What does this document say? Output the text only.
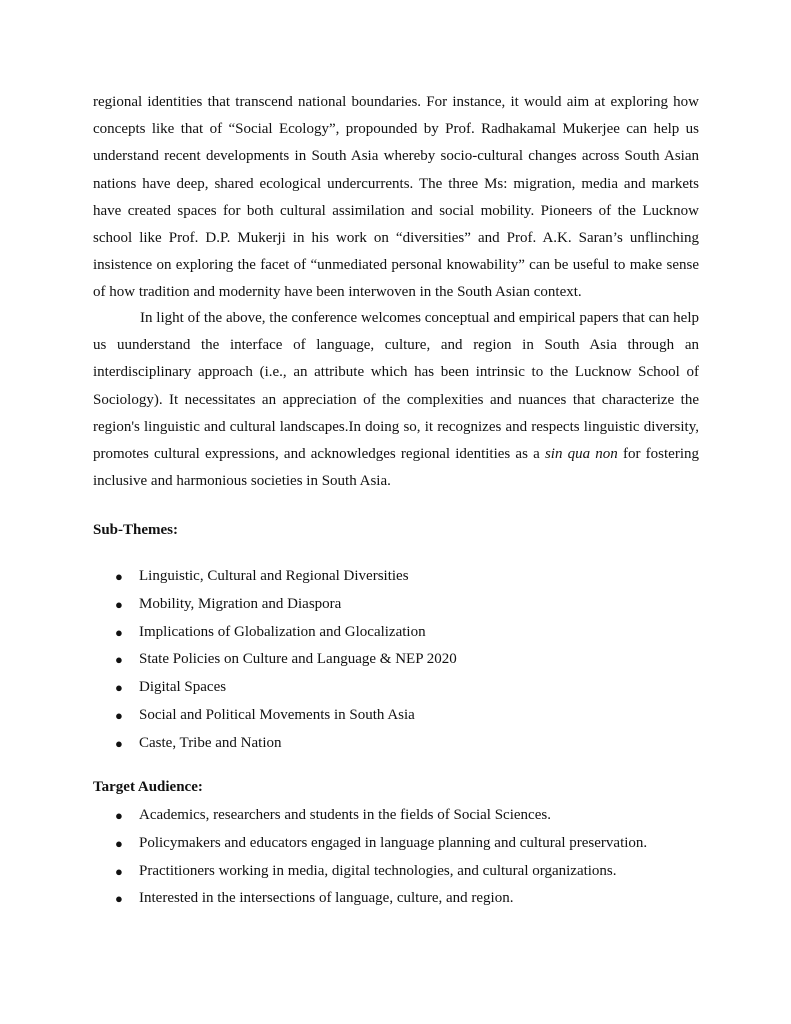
regional identities that transcend national boundaries. For instance, it would aim at exploring how concepts like that of “Social Ecology”, propounded by Prof. Radhakamal Mukerjee can help us understand recent developments in South Asia whereby socio-cultural changes across South Asian nations have deep, shared ecological undercurrents. The three Ms: migration, media and markets have created spaces for both cultural assimilation and social mobility. Pioneers of the Lucknow school like Prof. D.P. Mukerji in his work on “diversities” and Prof. A.K. Saran’s unflinching insistence on exploring the facet of “unmediated personal knowability” can be useful to make sense of how tradition and modernity have been interwoven in the South Asian context.

In light of the above, the conference welcomes conceptual and empirical papers that can help us uunderstand the interface of language, culture, and region in South Asia through an interdisciplinary approach (i.e., an attribute which has been intrinsic to the Lucknow School of Sociology). It necessitates an appreciation of the complexities and nuances that characterize the region's linguistic and cultural landscapes.In doing so, it recognizes and respects linguistic diversity, promotes cultural expressions, and acknowledges regional identities as a sin qua non for fostering inclusive and harmonious societies in South Asia.

Sub-Themes:

● Linguistic, Cultural and Regional Diversities
● Mobility, Migration and Diaspora
● Implications of Globalization and Glocalization
● State Policies on Culture and Language & NEP 2020
● Digital Spaces
● Social and Political Movements in South Asia
● Caste, Tribe and Nation

Target Audience:

● Academics, researchers and students in the fields of Social Sciences.
● Policymakers and educators engaged in language planning and cultural preservation.
● Practitioners working in media, digital technologies, and cultural organizations.
● Interested in the intersections of language, culture, and region.
